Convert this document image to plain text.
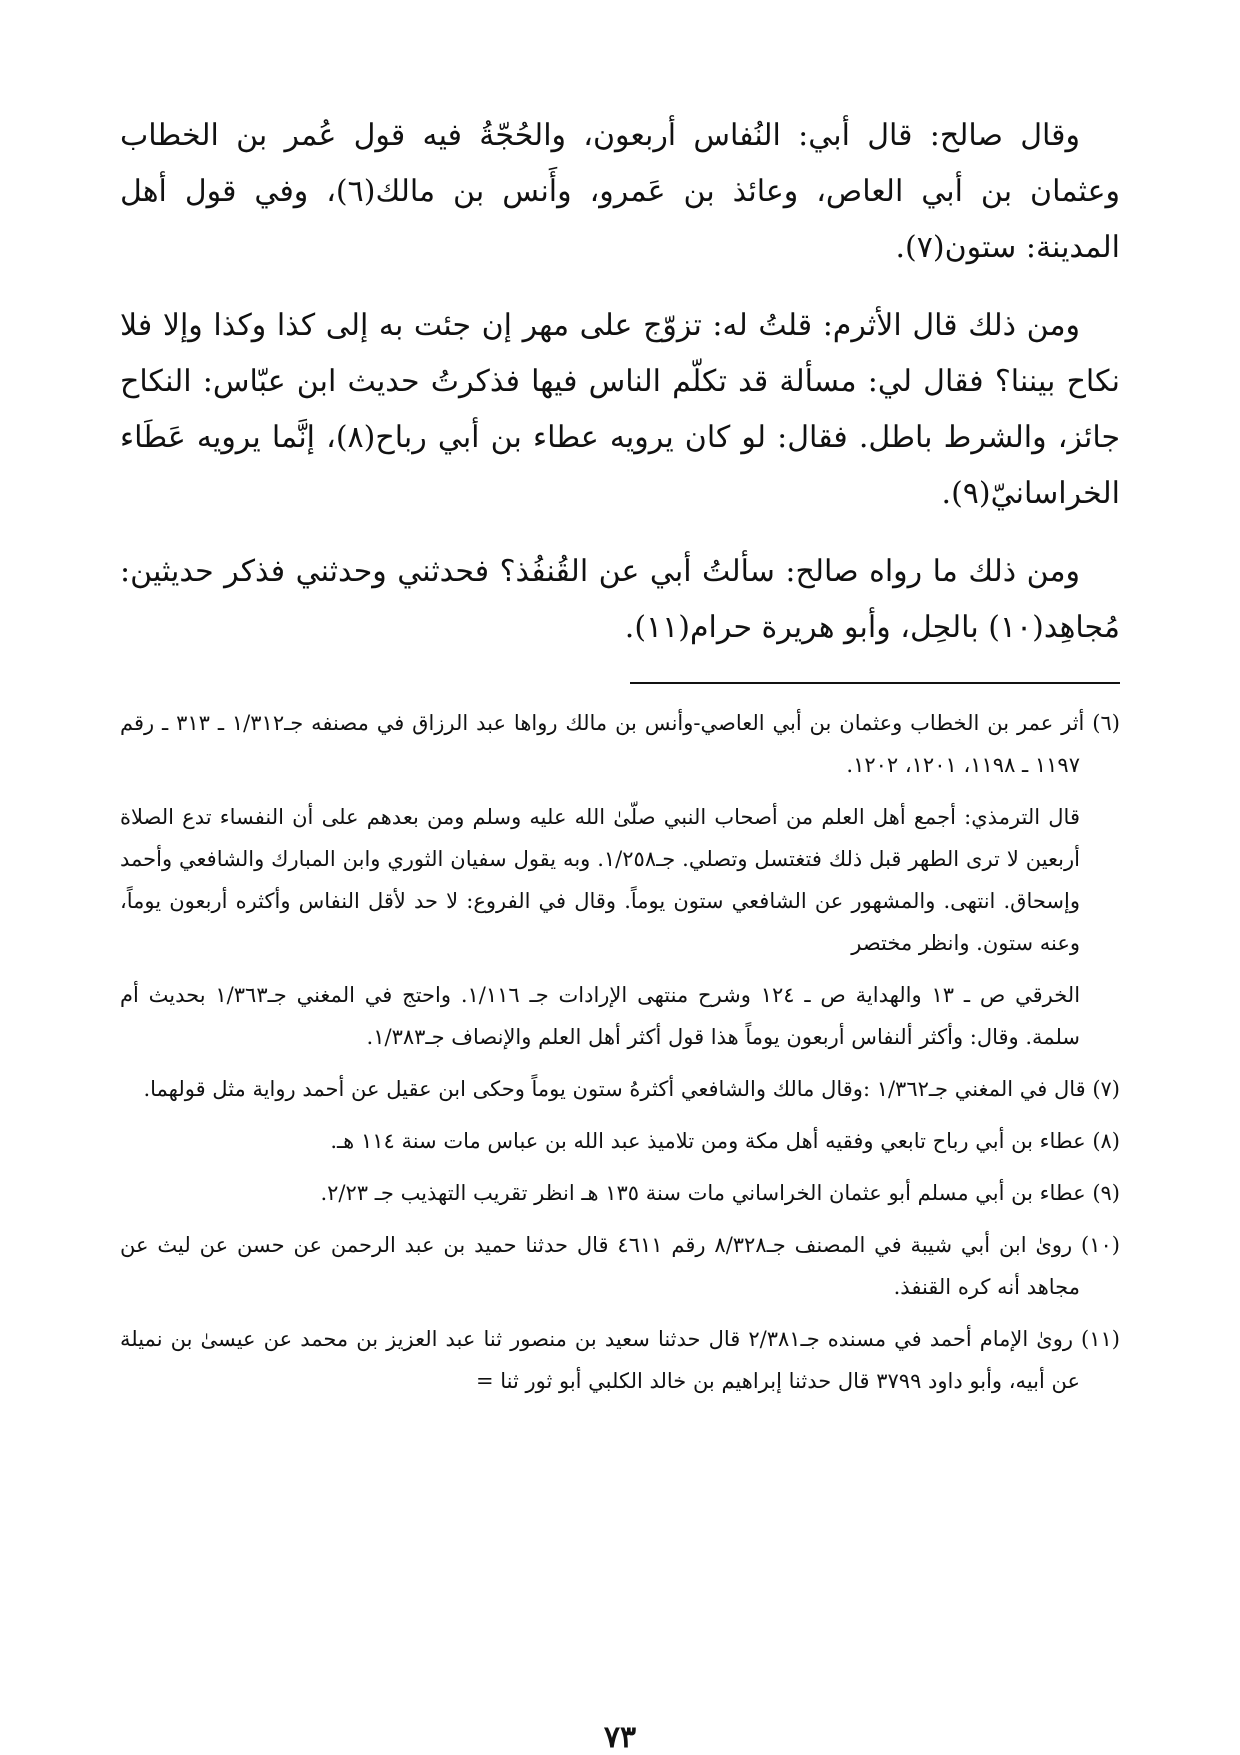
وقال صالح: قال أبي: النُفاس أربعون، والحُجّةُ فيه قول عُمر بن الخطاب وعثمان بن أبي العاص، وعائذ بن عَمرو، وأَنس بن مالك(٦)، وفي قول أهل المدينة: ستون(٧).

ومن ذلك قال الأثرم: قلتُ له: تزوّج على مهر إن جئت به إلى كذا وكذا وإلا فلا نكاح بيننا؟ فقال لي: مسألة قد تكلّم الناس فيها فذكرتُ حديث ابن عبّاس: النكاح جائز، والشرط باطل. فقال: لو كان يرويه عطاء بن أبي رباح(٨)، إنَّما يرويه عَطَاء الخراسانيّ(٩).

ومن ذلك ما رواه صالح: سألتُ أبي عن القُنفُذ؟ فحدثني وحدثني فذكر حديثين: مُجاهِد(١٠) بالحِل، وأبو هريرة حرام(١١).

(٦) أثر عمر بن الخطاب وعثمان بن أبي العاصي-وأنس بن مالك رواها عبد الرزاق في مصنفه جـ١/٣١٢ ـ ٣١٣ ـ رقم ١١٩٧ ـ ١١٩٨، ١٢٠١، ١٢٠٢.

قال الترمذي: أجمع أهل العلم من أصحاب النبي صلّىٰ الله عليه وسلم ومن بعدهم على أن النفساء تدع الصلاة أربعين لا ترى الطهر قبل ذلك فتغتسل وتصلي. جـ١/٢٥٨. وبه يقول سفيان الثوري وابن المبارك والشافعي وأحمد وإسحاق. انتهى. والمشهور عن الشافعي ستون يوماً. وقال في الفروع: لا حد لأقل النفاس وأكثره أربعون يوماً، وعنه ستون. وانظر مختصر

الخرقي ص ـ ١٣ والهداية ص ـ ١٢٤ وشرح منتهى الإرادات جـ ١/١١٦. واحتج في المغني جـ١/٣٦٣ بحديث أم سلمة. وقال: وأكثر ألنفاس أربعون يوماً هذا قول أكثر أهل العلم والإنصاف جـ١/٣٨٣.

(٧) قال في المغني جـ١/٣٦٢ :وقال مالك والشافعي أكثرهُ ستون يوماً وحكى ابن عقيل عن أحمد رواية مثل قولهما.

(٨) عطاء بن أبي رباح تابعي وفقيه أهل مكة ومن تلاميذ عبد الله بن عباس مات سنة ١١٤ هـ.

(٩) عطاء بن أبي مسلم أبو عثمان الخراساني مات سنة ١٣٥ هـ انظر تقريب التهذيب جـ ٢/٢٣.

(١٠) روىٰ ابن أبي شيبة في المصنف جـ٨/٣٢٨ رقم ٤٦١١ قال حدثنا حميد بن عبد الرحمن عن حسن عن ليث عن مجاهد أنه كره القنفذ.

(١١) روىٰ الإمام أحمد في مسنده جـ٢/٣٨١ قال حدثنا سعيد بن منصور ثنا عبد العزيز بن محمد عن عيسىٰ بن نميلة عن أبيه، وأبو داود ٣٧٩٩ قال حدثنا إبراهيم بن خالد الكلبي أبو ثور ثنا =

٧٣
